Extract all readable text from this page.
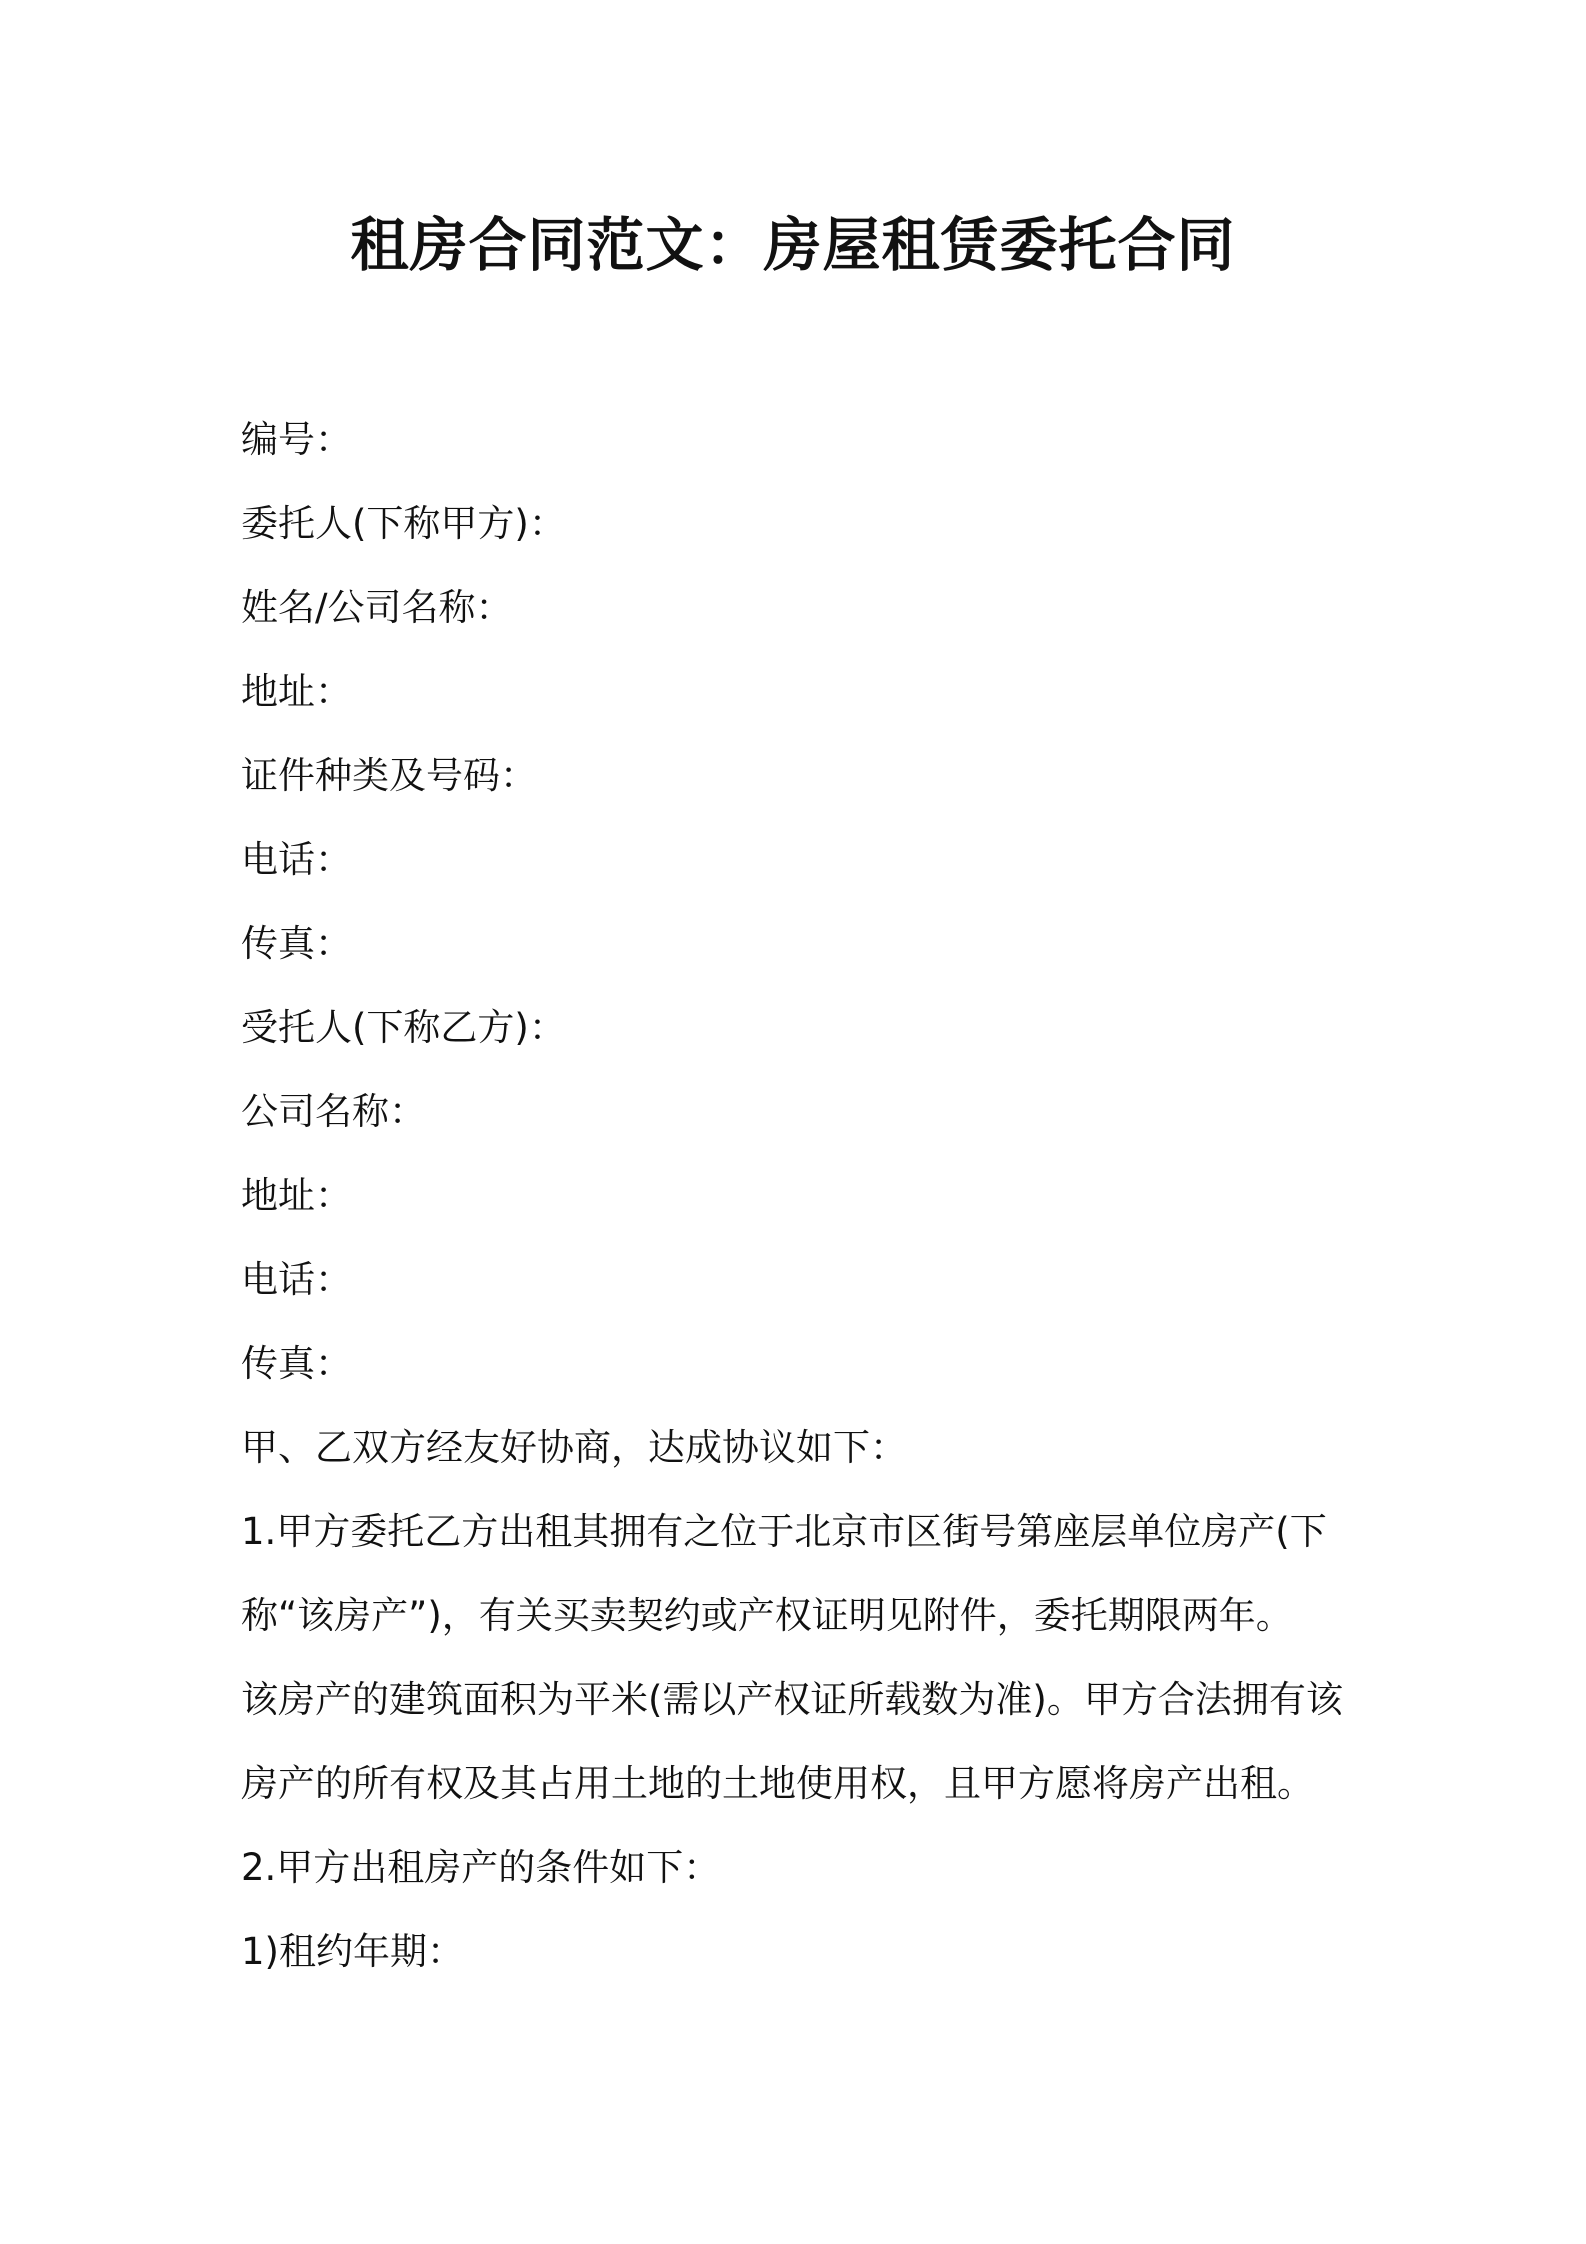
租房合同范文：房屋租赁委托合同

编号：

委托人(下称甲方)：

姓名/公司名称：

地址：

证件种类及号码：

电话：

传真：

受托人(下称乙方)：

公司名称：

地址：

电话：

传真：

甲、乙双方经友好协商，达成协议如下：

1.甲方委托乙方出租其拥有之位于北京市区街号第座层单位房产(下

称“该房产”)，有关买卖契约或产权证明见附件，委托期限两年。

该房产的建筑面积为平米(需以产权证所载数为准)。甲方合法拥有该

房产的所有权及其占用土地的土地使用权，且甲方愿将房产出租。

2.甲方出租房产的条件如下：

1)租约年期：
